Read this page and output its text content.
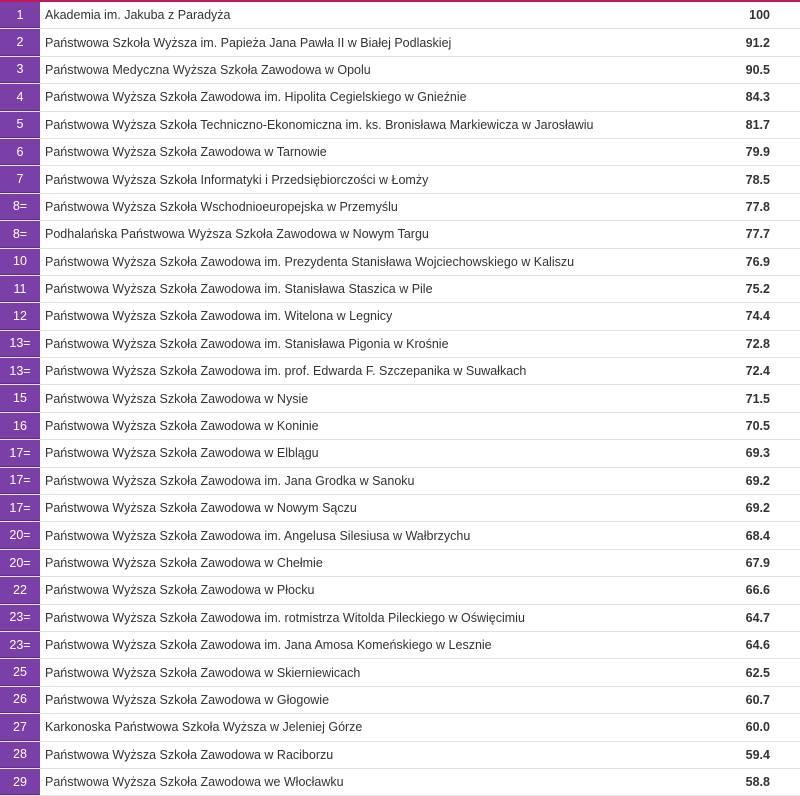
1	Akademia im. Jakuba z Paradyża	100
2	Państwowa Szkoła Wyższa im. Papieża Jana Pawła II w Białej Podlaskiej	91.2
3	Państwowa Medyczna Wyższa Szkoła Zawodowa w Opolu	90.5
4	Państwowa Wyższa Szkoła Zawodowa im. Hipolita Cegielskiego w Gnieźnie	84.3
5	Państwowa Wyższa Szkoła Techniczno-Ekonomiczna im. ks. Bronisława Markiewicza w Jarosławiu	81.7
6	Państwowa Wyższa Szkoła Zawodowa w Tarnowie	79.9
7	Państwowa Wyższa Szkoła Informatyki i Przedsiębiorczości w Łomży	78.5
8=	Państwowa Wyższa Szkoła Wschodnioeuropejska w Przemyślu	77.8
8=	Podhalańska Państwowa Wyższa Szkoła Zawodowa w Nowym Targu	77.7
10	Państwowa Wyższa Szkoła Zawodowa im. Prezydenta Stanisława Wojciechowskiego w Kaliszu	76.9
11	Państwowa Wyższa Szkoła Zawodowa im. Stanisława Staszica w Pile	75.2
12	Państwowa Wyższa Szkoła Zawodowa im. Witelona w Legnicy	74.4
13=	Państwowa Wyższa Szkoła Zawodowa im. Stanisława Pigonia w Krośnie	72.8
13=	Państwowa Wyższa Szkoła Zawodowa im. prof. Edwarda F. Szczepanika w Suwałkach	72.4
15	Państwowa Wyższa Szkoła Zawodowa w Nysie	71.5
16	Państwowa Wyższa Szkoła Zawodowa w Koninie	70.5
17=	Państwowa Wyższa Szkoła Zawodowa w Elblągu	69.3
17=	Państwowa Wyższa Szkoła Zawodowa im. Jana Grodka w Sanoku	69.2
17=	Państwowa Wyższa Szkoła Zawodowa w Nowym Sączu	69.2
20=	Państwowa Wyższa Szkoła Zawodowa im. Angelusa Silesiusa w Wałbrzychu	68.4
20=	Państwowa Wyższa Szkoła Zawodowa w Chełmie	67.9
22	Państwowa Wyższa Szkoła Zawodowa w Płocku	66.6
23=	Państwowa Wyższa Szkoła Zawodowa im. rotmistrza Witolda Pileckiego w Oświęcimiu	64.7
23=	Państwowa Wyższa Szkoła Zawodowa im. Jana Amosa Komeńskiego w Lesznie	64.6
25	Państwowa Wyższa Szkoła Zawodowa w Skierniewicach	62.5
26	Państwowa Wyższa Szkoła Zawodowa w Głogowie	60.7
27	Karkonoska Państwowa Szkoła Wyższa w Jeleniej Górze	60.0
28	Państwowa Wyższa Szkoła Zawodowa w Raciborzu	59.4
29	Państwowa Wyższa Szkoła Zawodowa we Włocławku	58.8
